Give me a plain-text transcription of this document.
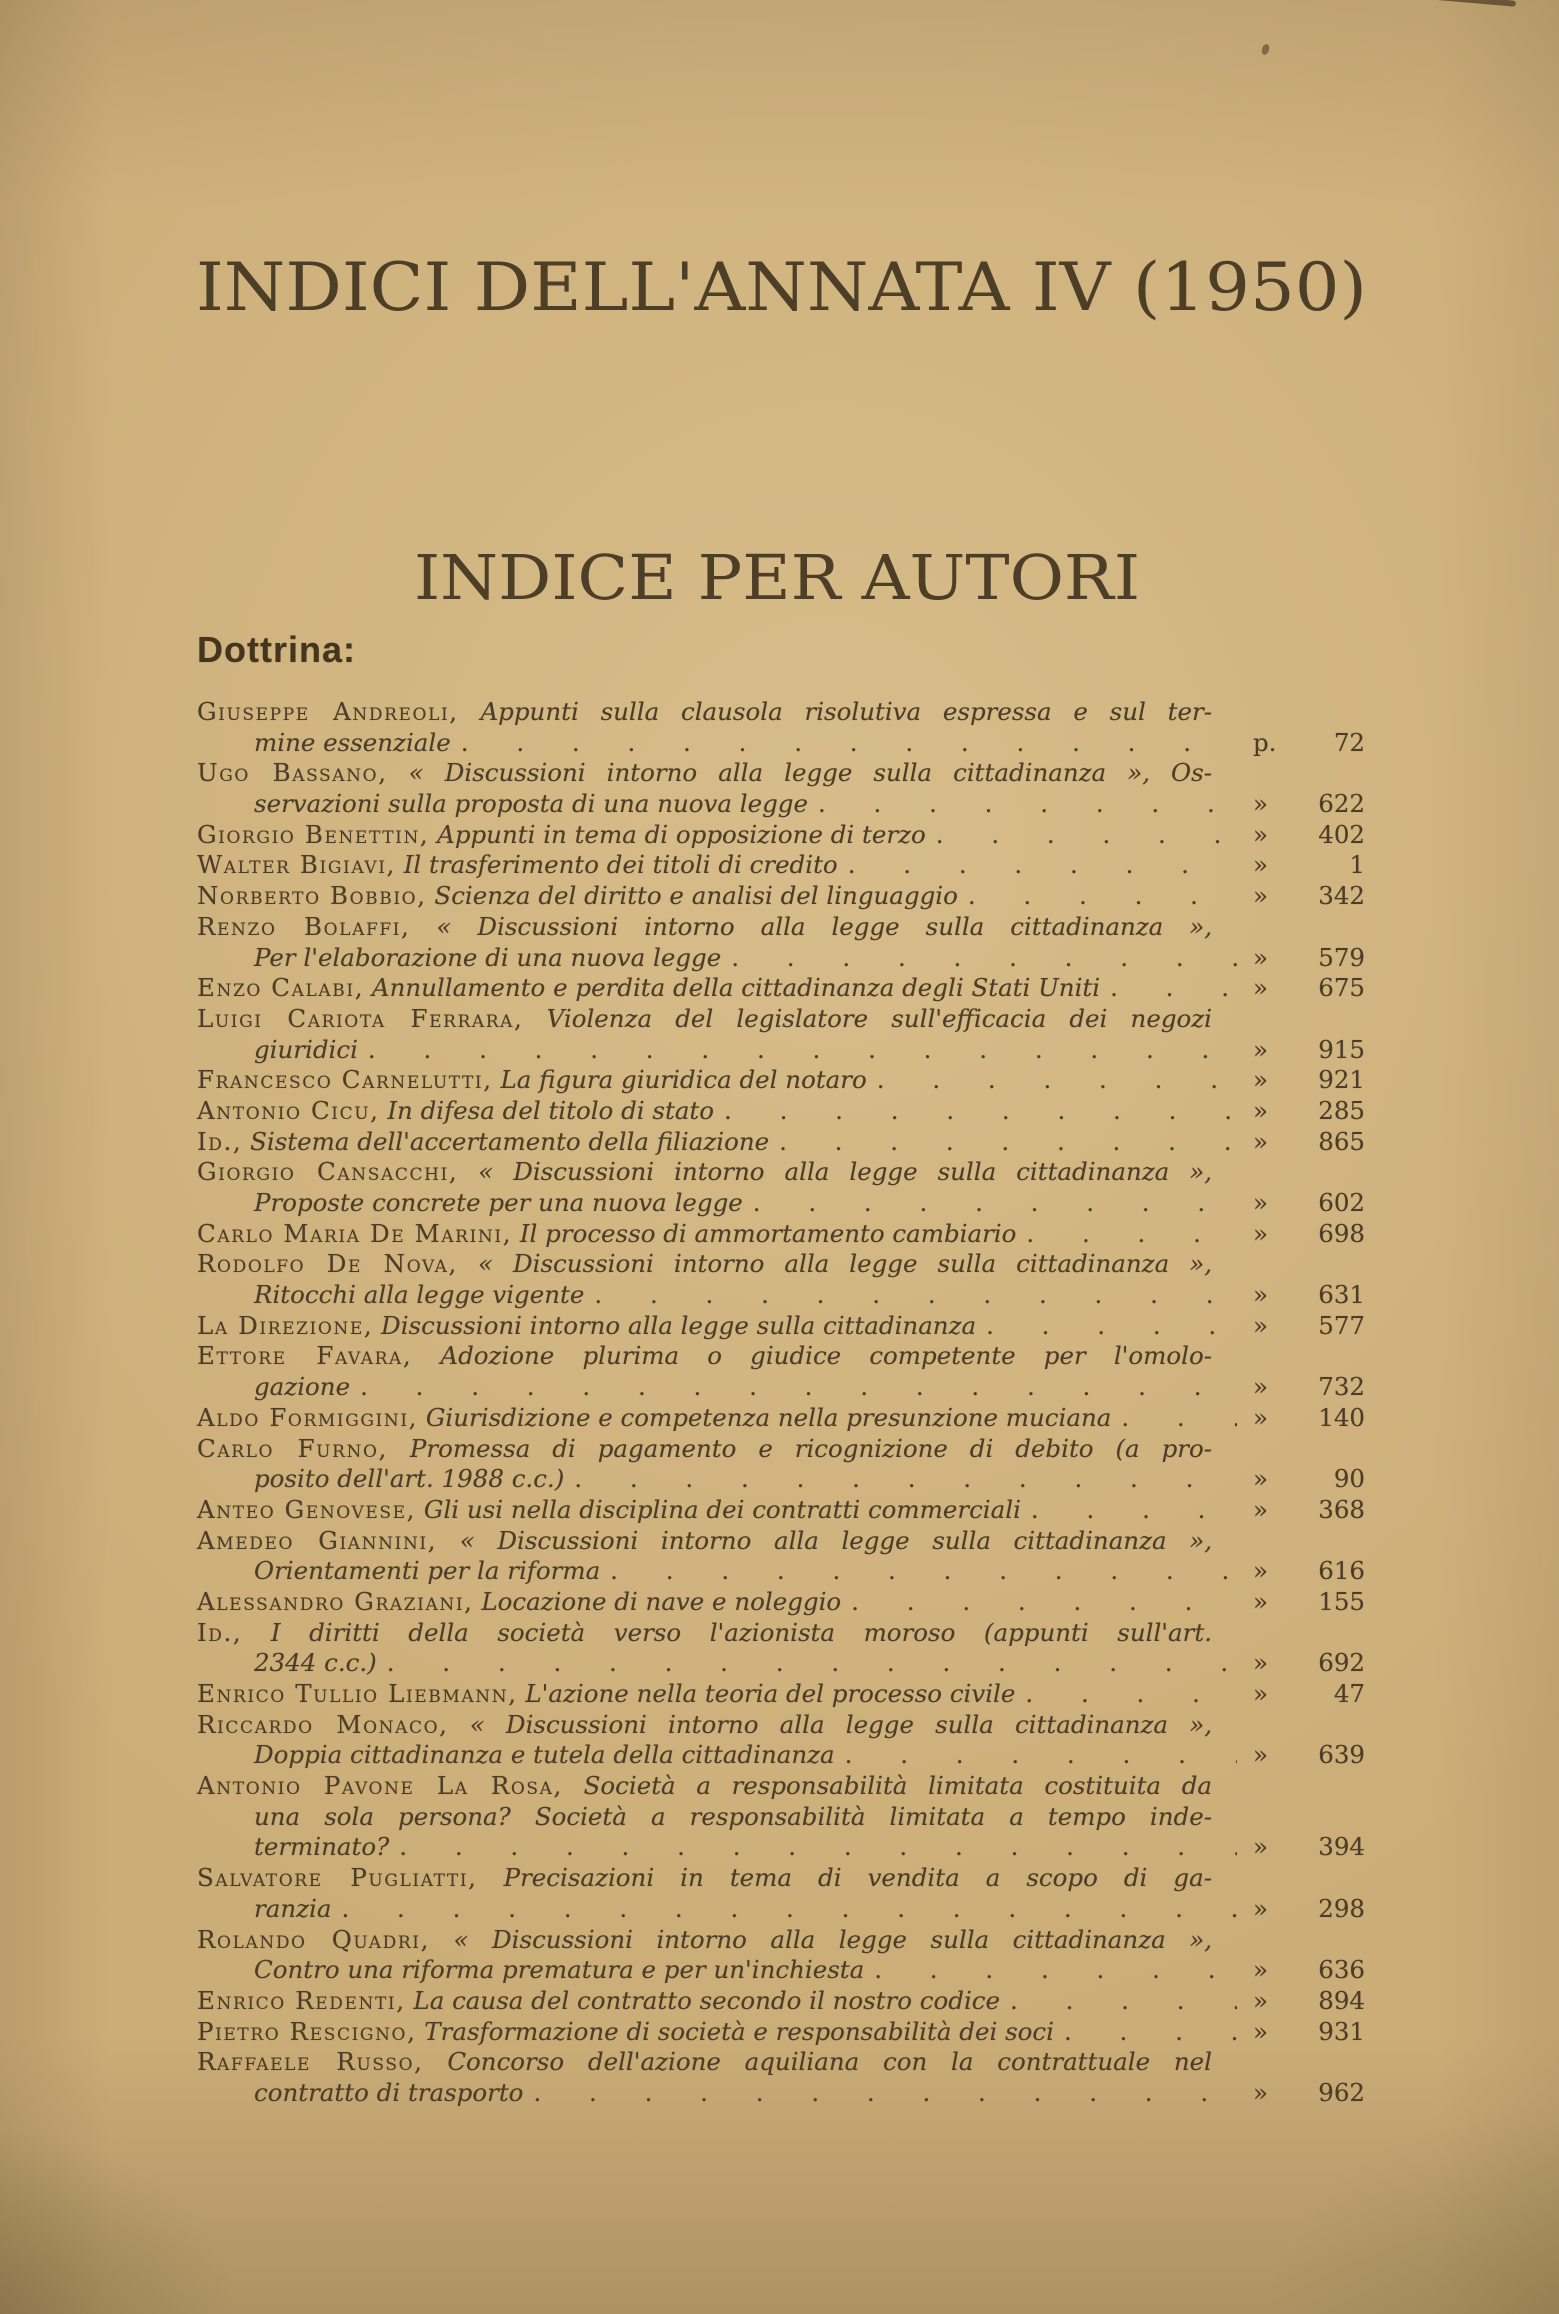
INDICI DELL'ANNATA IV (1950)
INDICE PER AUTORI
Dottrina:
Giuseppe Andreoli, Appunti sulla clausola risolutiva espressa e sul ter-
mine essenziale . . .	p.	72
Ugo Bassano, « Discussioni intorno alla legge sulla cittadinanza », Os-
servazioni sulla proposta di una nuova legge . . .	»	622
Giorgio Benettin, Appunti in tema di opposizione di terzo . . .	»	402
Walter Bigiavi, Il trasferimento dei titoli di credito . . .	»	1
Norberto Bobbio, Scienza del diritto e analisi del linguaggio . . .	»	342
Renzo Bolaffi, « Discussioni intorno alla legge sulla cittadinanza »,
Per l'elaborazione di una nuova legge . . .	»	579
Enzo Calabi, Annullamento e perdita della cittadinanza degli Stati Uniti . . .	»	675
Luigi Cariota Ferrara, Violenza del legislatore sull'efficacia dei negozi
giuridici . . .	»	915
Francesco Carnelutti, La figura giuridica del notaro . . .	»	921
Antonio Cicu, In difesa del titolo di stato . . .	»	285
Id., Sistema dell'accertamento della filiazione . . .	»	865
Giorgio Cansacchi, « Discussioni intorno alla legge sulla cittadinanza »,
Proposte concrete per una nuova legge . . .	»	602
Carlo Maria De Marini, Il processo di ammortamento cambiario . . .	»	698
Rodolfo De Nova, « Discussioni intorno alla legge sulla cittadinanza »,
Ritocchi alla legge vigente . . .	»	631
La Direzione, Discussioni intorno alla legge sulla cittadinanza . . .	»	577
Ettore Favara, Adozione plurima o giudice competente per l'omolo-
gazione . . .	»	732
Aldo Formiggini, Giurisdizione e competenza nella presunzione muciana . . .	»	140
Carlo Furno, Promessa di pagamento e ricognizione di debito (a pro-
posito dell'art. 1988 c.c.) . . .	»	90
Anteo Genovese, Gli usi nella disciplina dei contratti commerciali . . .	»	368
Amedeo Giannini, « Discussioni intorno alla legge sulla cittadinanza »,
Orientamenti per la riforma . . .	»	616
Alessandro Graziani, Locazione di nave e noleggio . . .	»	155
Id., I diritti della società verso l'azionista moroso (appunti sull'art.
2344 c.c.) . . .	»	692
Enrico Tullio Liebmann, L'azione nella teoria del processo civile . . .	»	47
Riccardo Monaco, « Discussioni intorno alla legge sulla cittadinanza »,
Doppia cittadinanza e tutela della cittadinanza . . .	»	639
Antonio Pavone La Rosa, Società a responsabilità limitata costituita da
una sola persona? Società a responsabilità limitata a tempo inde-
terminato? . . .	»	394
Salvatore Pugliatti, Precisazioni in tema di vendita a scopo di ga-
ranzia . . .	»	298
Rolando Quadri, « Discussioni intorno alla legge sulla cittadinanza »,
Contro una riforma prematura e per un'inchiesta . . .	»	636
Enrico Redenti, La causa del contratto secondo il nostro codice . . .	»	894
Pietro Rescigno, Trasformazione di società e responsabilità dei soci . . .	»	931
Raffaele Russo, Concorso dell'azione aquiliana con la contrattuale nel
contratto di trasporto . . .	»	962
